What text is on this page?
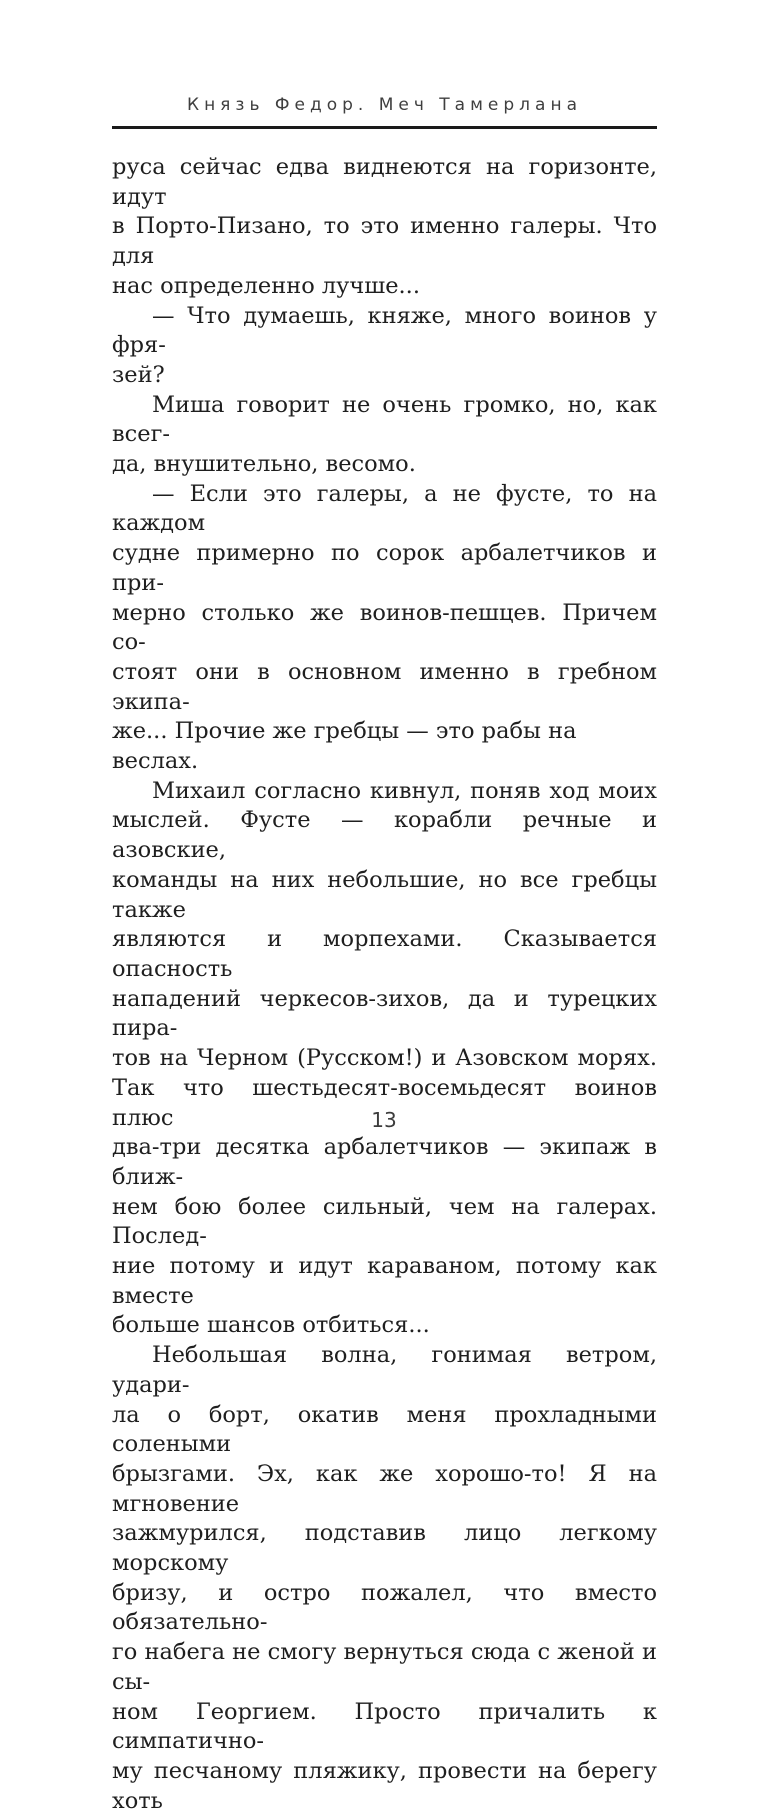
Князь Федор. Меч Тамерлана
руса сейчас едва виднеются на горизонте, идут
в Порто-Пизано, то это именно галеры. Что для
нас определенно лучше...
— Что думаешь, княже, много воинов у фря-
зей?
Миша говорит не очень громко, но, как всег-
да, внушительно, весомо.
— Если это галеры, а не фусте, то на каждом
судне примерно по сорок арбалетчиков и при-
мерно столько же воинов-пешцев. Причем со-
стоят они в основном именно в гребном экипа-
же... Прочие же гребцы — это рабы на веслах.
Михаил согласно кивнул, поняв ход моих
мыслей. Фусте — корабли речные и азовские,
команды на них небольшие, но все гребцы также
являются и морпехами. Сказывается опасность
нападений черкесов-зихов, да и турецких пира-
тов на Черном (Русском!) и Азовском морях.
Так что шестьдесят-восемьдесят воинов плюс
два-три десятка арбалетчиков — экипаж в ближ-
нем бою более сильный, чем на галерах. Послед-
ние потому и идут караваном, потому как вместе
больше шансов отбиться...
Небольшая волна, гонимая ветром, удари-
ла о борт, окатив меня прохладными солеными
брызгами. Эх, как же хорошо-то! Я на мгновение
зажмурился, подставив лицо легкому морскому
бризу, и остро пожалел, что вместо обязательно-
го набега не смогу вернуться сюда с женой и сы-
ном Георгием. Просто причалить к симпатично-
му песчаному пляжику, провести на берегу хоть
13
